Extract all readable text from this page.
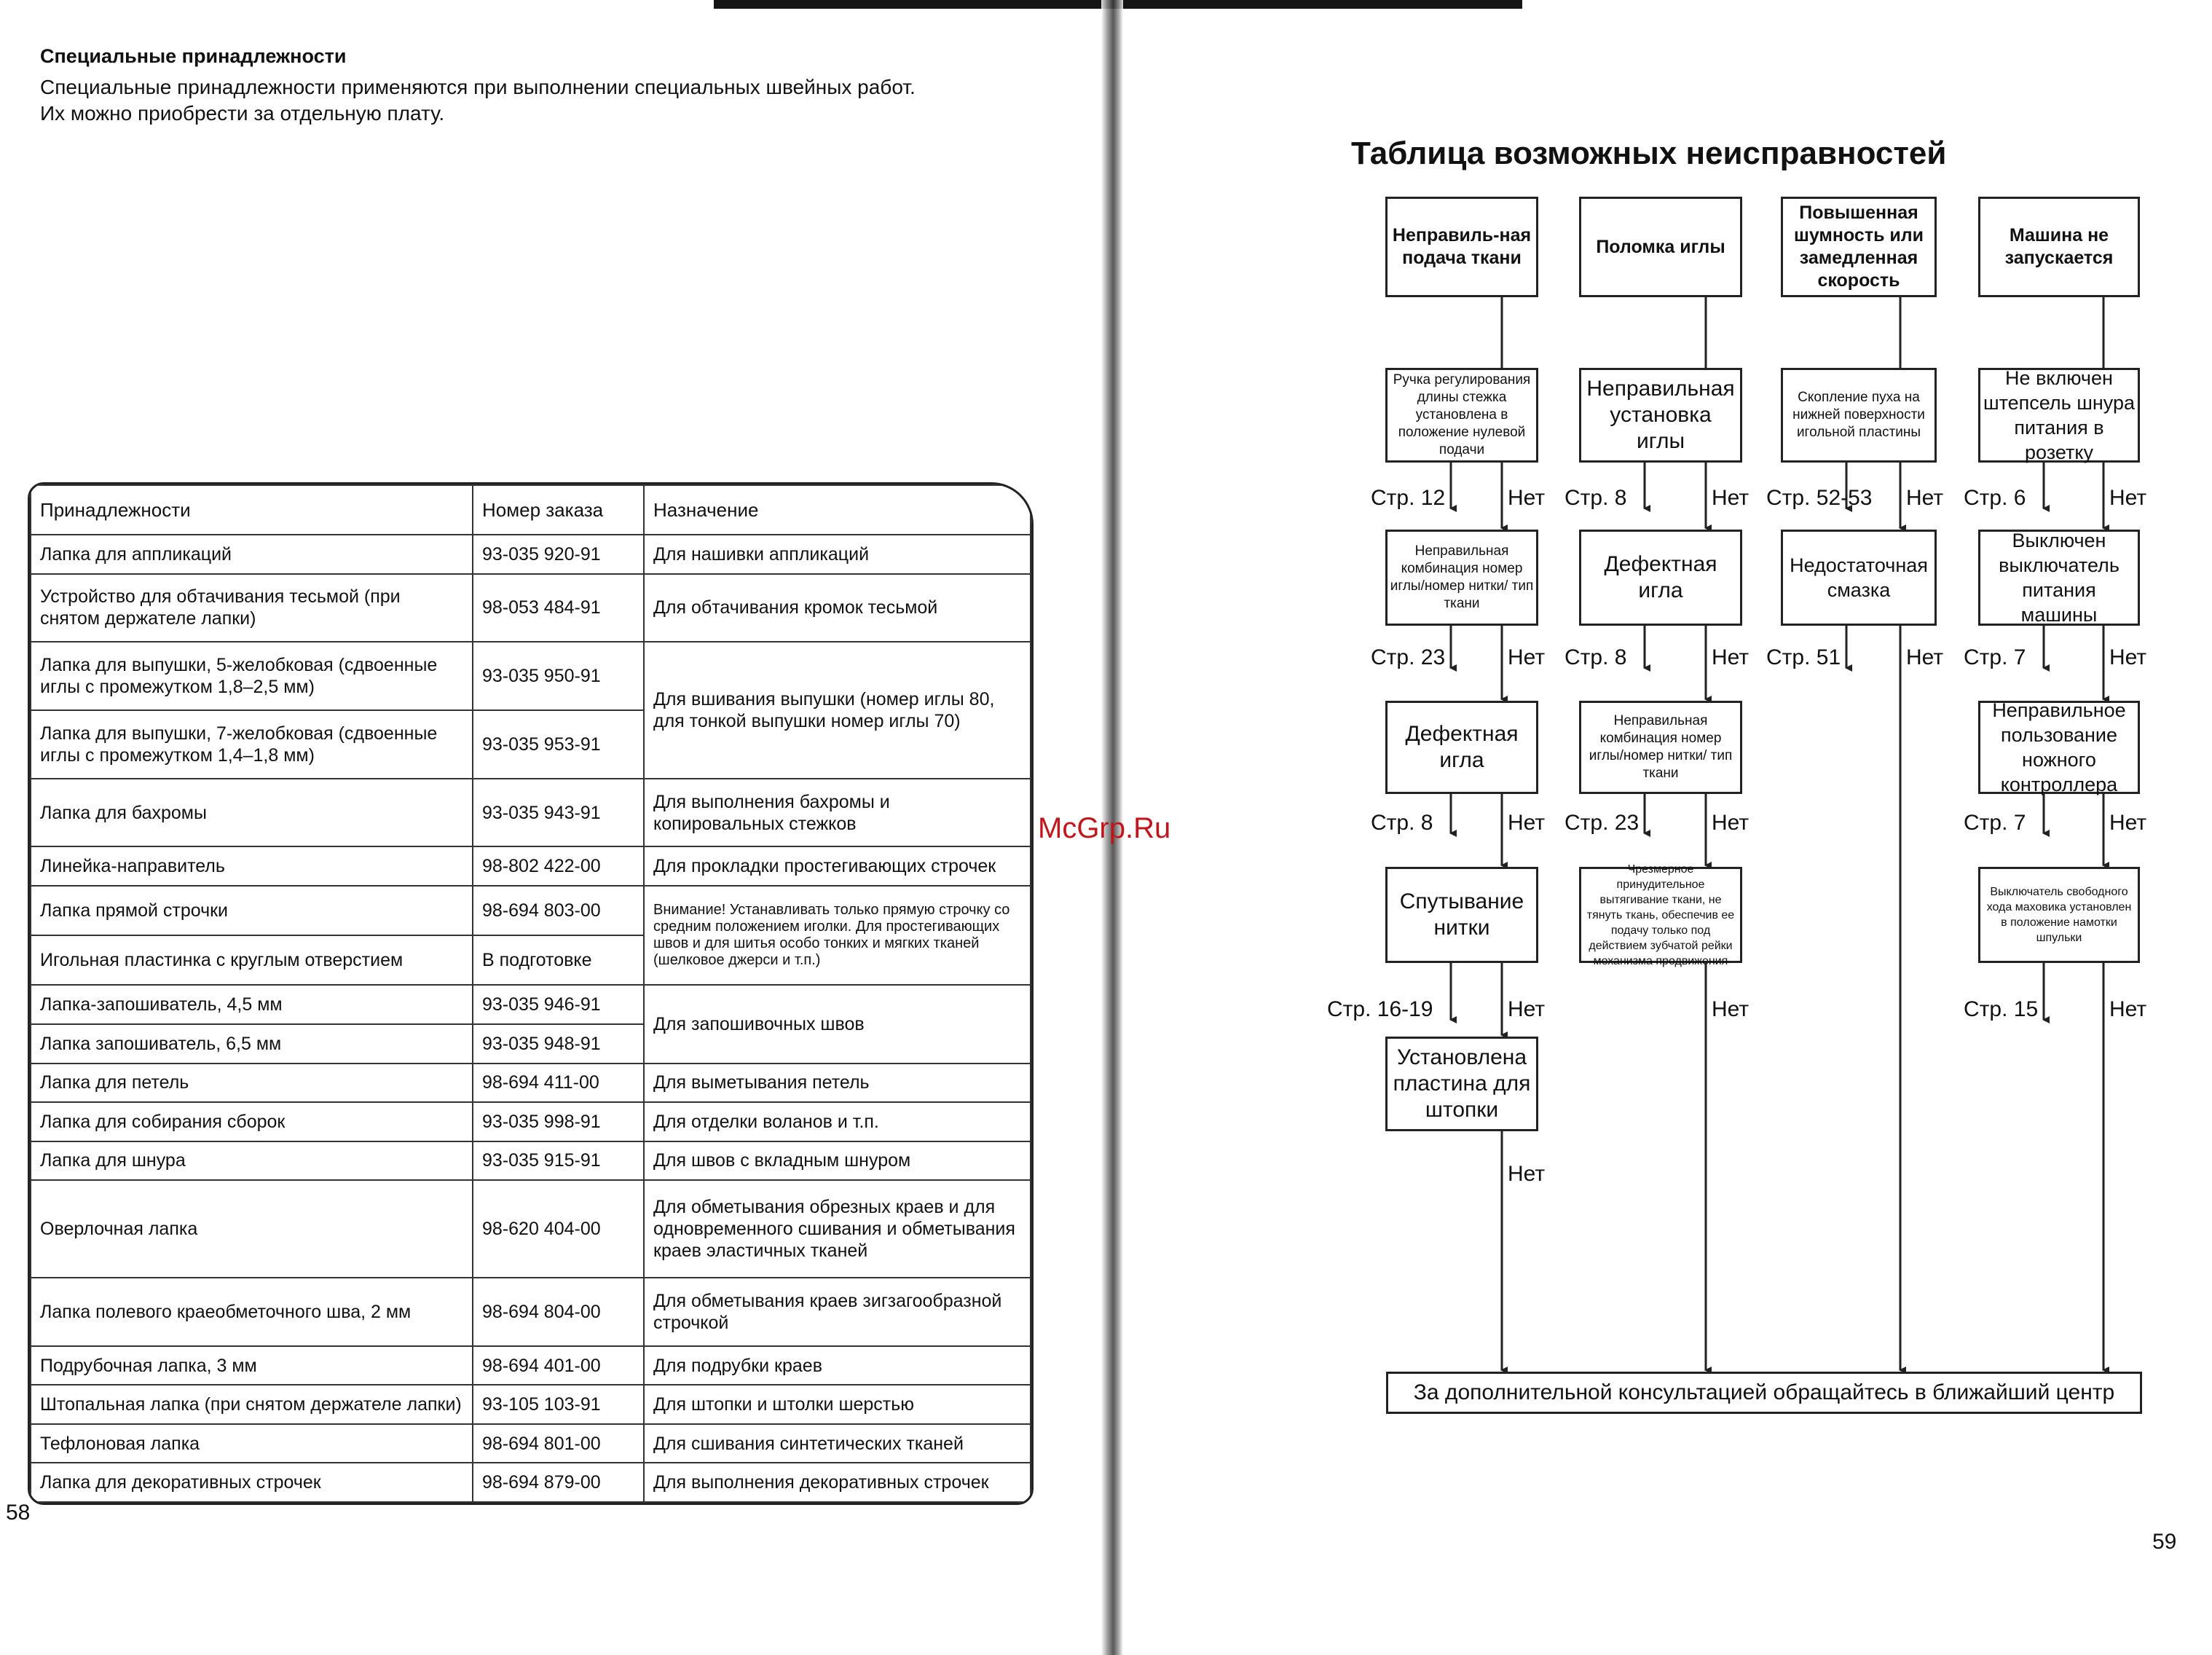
Специальные принадлежности
Специальные принадлежности применяются при выполнении специальных швейных работ.
Их можно приобрести за отдельную плату.
Принадлежности	Номер заказа	Назначение
Лапка для аппликаций	93-035 920-91	Для нашивки аппликаций
Устройство для обтачивания тесьмой (при снятом держателе лапки)	98-053 484-91	Для обтачивания кромок тесьмой
Лапка для выпушки, 5-желобковая (сдвоенные иглы с промежутком 1,8–2,5 мм)	93-035 950-91	Для вшивания выпушки (номер иглы 80, для тонкой выпушки номер иглы 70)
Лапка для выпушки, 7-желобковая (сдвоенные иглы с промежутком 1,4–1,8 мм)	93-035 953-91	
Лапка для бахромы	93-035 943-91	Для выполнения бахромы и копировальных стежков
Линейка-направитель	98-802 422-00	Для прокладки простегивающих строчек
Лапка прямой строчки	98-694 803-00	Внимание! Устанавливать только прямую строчку со средним положением иголки. Для простегивающих швов и для шитья особо тонких и мягких тканей (шелковое джерси и т.п.)
Игольная пластинка с круглым отверстием	В подготовке	
Лапка-запошиватель, 4,5 мм	93-035 946-91	Для запошивочных швов
Лапка запошиватель, 6,5 мм	93-035 948-91	
Лапка для петель	98-694 411-00	Для выметывания петель
Лапка для собирания сборок	93-035 998-91	Для отделки воланов и т.п.
Лапка для шнура	93-035 915-91	Для швов с вкладным шнуром
Оверлочная лапка	98-620 404-00	Для обметывания обрезных краев и для одновременного сшивания и обметывания краев эластичных тканей
Лапка полевого краеобметочного шва, 2 мм	98-694 804-00	Для обметывания краев зигзагообразной строчкой
Подрубочная лапка, 3 мм	98-694 401-00	Для подрубки краев
Штопальная лапка (при снятом держателе лапки)	93-105 103-91	Для штопки и штолки шерстью
Тефлоновая лапка	98-694 801-00	Для сшивания синтетических тканей
Лапка для декоративных строчек	98-694 879-00	Для выполнения декоративных строчек
58
McGrp.Ru
Таблица возможных неисправностей
Неправиль-ная подача ткани
Ручка регулирования длины стежка установлена в положение нулевой подачи
Стр. 12	Нет
Неправильная комбинация номер иглы/номер нитки/ тип ткани
Стр. 23	Нет
Дефектная игла
Стр. 8	Нет
Спутывание нитки
Стр. 16-19	Нет
Установлена пластина для штопки
Нет
Поломка иглы
Неправильная установка иглы
Стр. 8	Нет
Дефектная игла
Стр. 8	Нет
Неправильная комбинация номер иглы/номер нитки/ тип ткани
Стр. 23	Нет
Чрезмерное принудительное вытягивание ткани, не тянуть ткань, обеспечив ее подачу только под действием зубчатой рейки механизма продвижения
Нет
Повышенная шумность или замедленная скорость
Скопление пуха на нижней поверхности игольной пластины
Стр. 52-53 Нет
Недостаточная смазка
Стр. 51	Нет
Машина не запускается
Не включен штепсель шнура питания в розетку
Стр. 6	Нет
Выключен выключатель питания машины
Стр. 7	Нет
Неправильное пользование ножного контроллера
Стр. 7	Нет
Выключатель свободного хода маховика установлен в положение намотки шпульки
Стр. 15	Нет
За дополнительной консультацией обращайтесь в ближайший центр
59
